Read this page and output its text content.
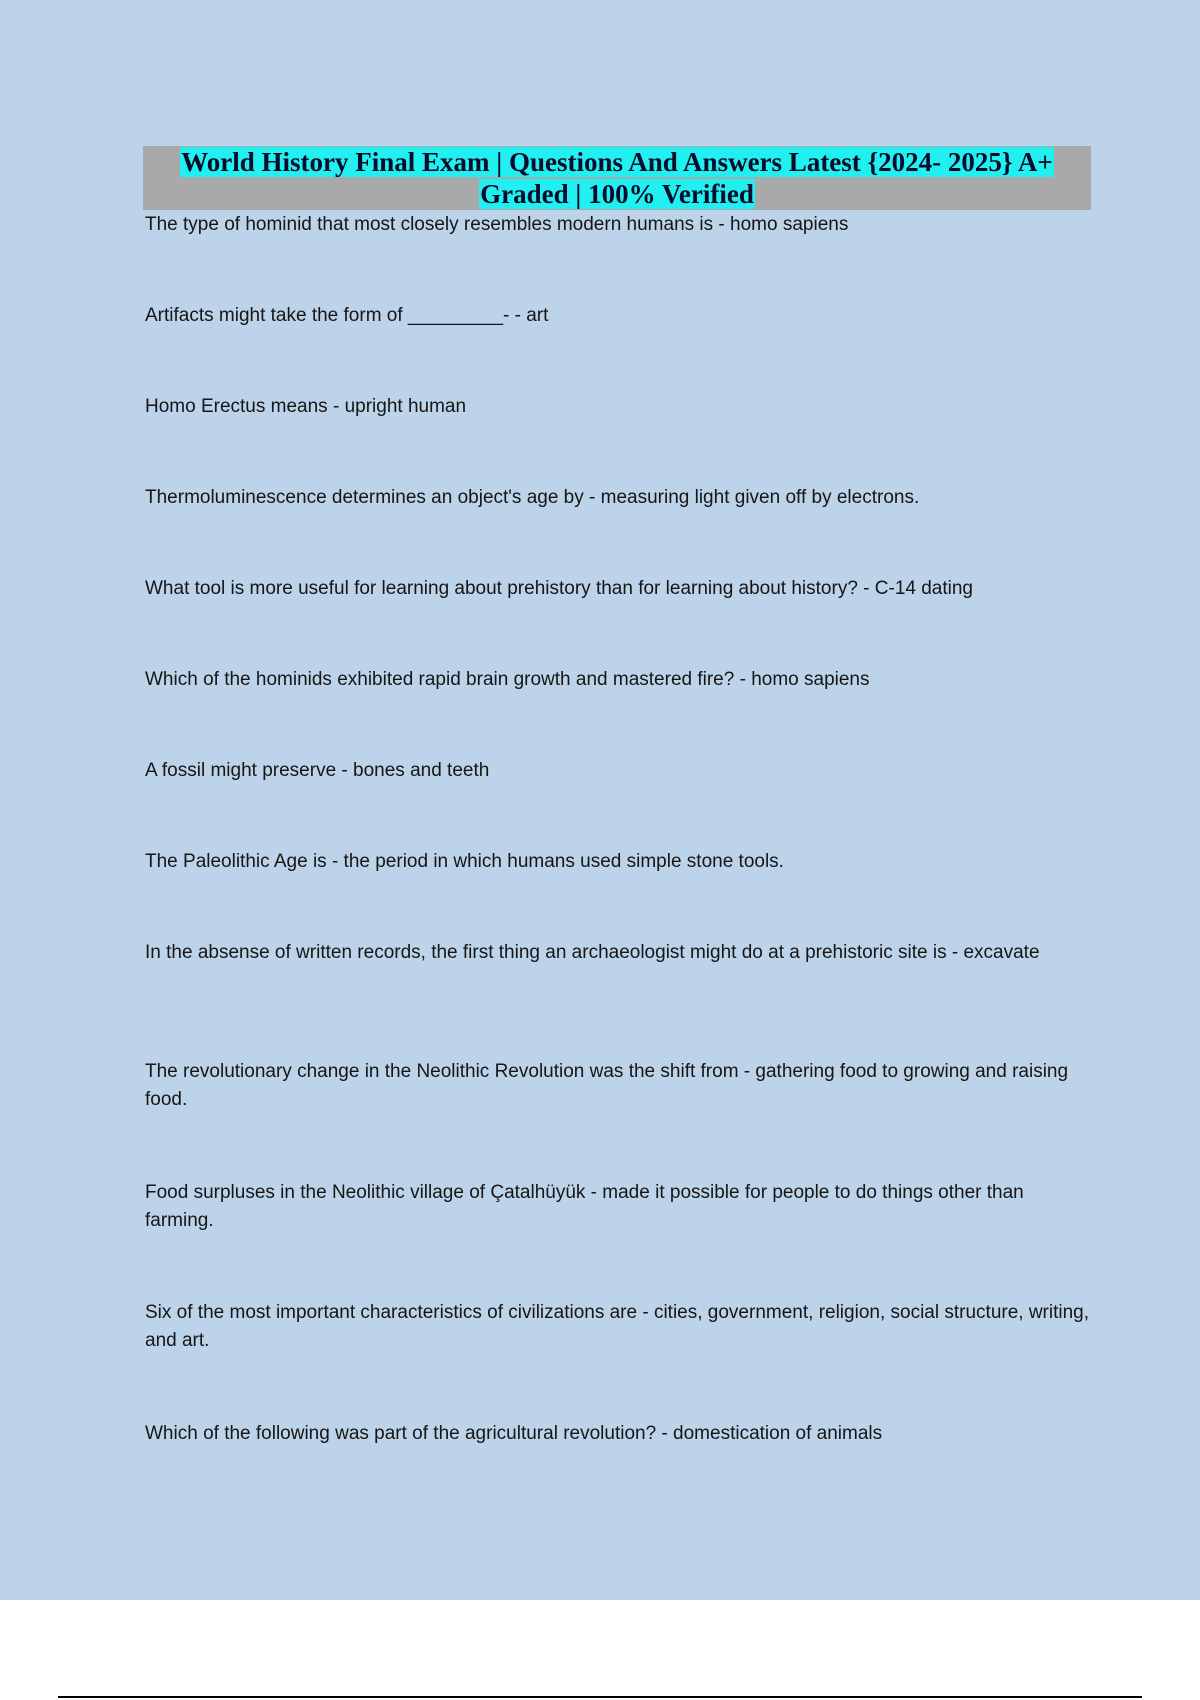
World History Final Exam | Questions And Answers Latest {2024- 2025} A+
Graded | 100% Verified
The type of hominid that most closely resembles modern humans is - homo sapiens
Artifacts might take the form of _________- - art
Homo Erectus means - upright human
Thermoluminescence determines an object's age by - measuring light given off by electrons.
What tool is more useful for learning about prehistory than for learning about history? - C-14 dating
Which of the hominids exhibited rapid brain growth and mastered fire? - homo sapiens
A fossil might preserve - bones and teeth
The Paleolithic Age is - the period in which humans used simple stone tools.
In the absense of written records, the first thing an archaeologist might do at a prehistoric site is - excavate
The revolutionary change in the Neolithic Revolution was the shift from - gathering food to growing and raising food.
Food surpluses in the Neolithic village of Çatalhüyük - made it possible for people to do things other than farming.
Six of the most important characteristics of civilizations are - cities, government, religion, social structure, writing, and art.
Which of the following was part of the agricultural revolution? - domestication of animals
